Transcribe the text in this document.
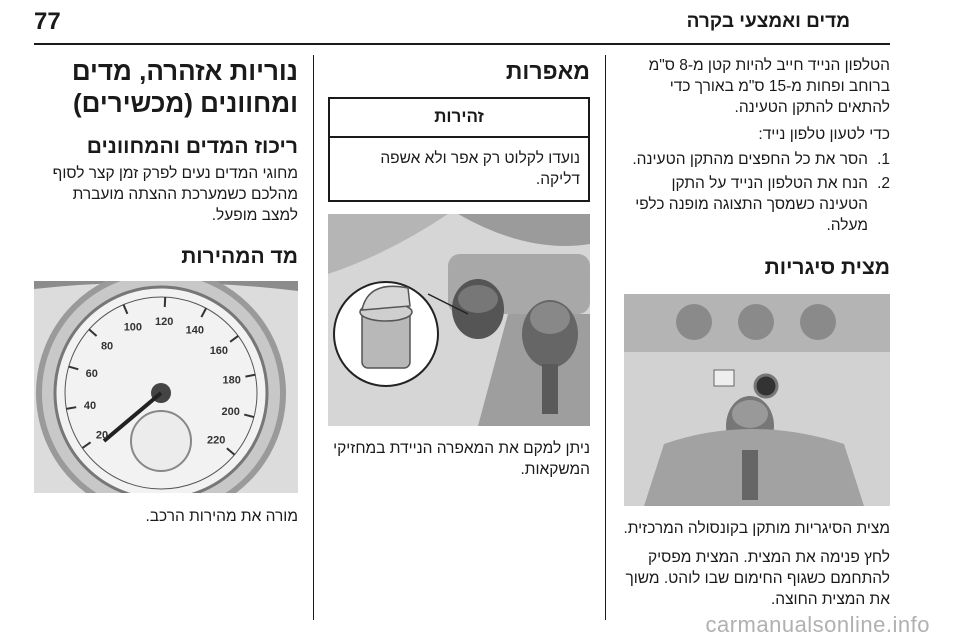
77	מדים ואמצעי בקרה
נוריות אזהרה, מדים ומחוונים (מכשירים)
ריכוז המדים והמחוונים

מחוגי המדים נעים לפרק זמן קצר לסוף מהלכם כשמערכת ההצתה מועברת למצב מופעל.

מד המהירות
20
40
60
80
100 120
140
160
180
200
220

מורה את מהירות הרכב.

מאפרות
זהירות
נועדו לקלוט רק אפר ולא אשפה דליקה.

ניתן למקם את המאפרה הניידת במחזיקי המשקאות.

הטלפון הנייד חייב להיות קטן מ-8 ס"מ ברוחב ופחות מ-15 ס"מ באורך כדי להתאים להתקן הטעינה.

כדי לטעון טלפון נייד:

1.
הסר את כל החפצים מהתקן הטעינה.
2.
הנח את הטלפון הנייד על התקן הטעינה כשמסך התצוגה מופנה כלפי מעלה.
מצית סיגריות

מצית הסיגריות מותקן בקונסולה המרכזית.

לחץ פנימה את המצית. המצית מפסיק להתחמם כשגוף החימום שבו לוהט. משוך את המצית החוצה.

carmanualsonline.info
